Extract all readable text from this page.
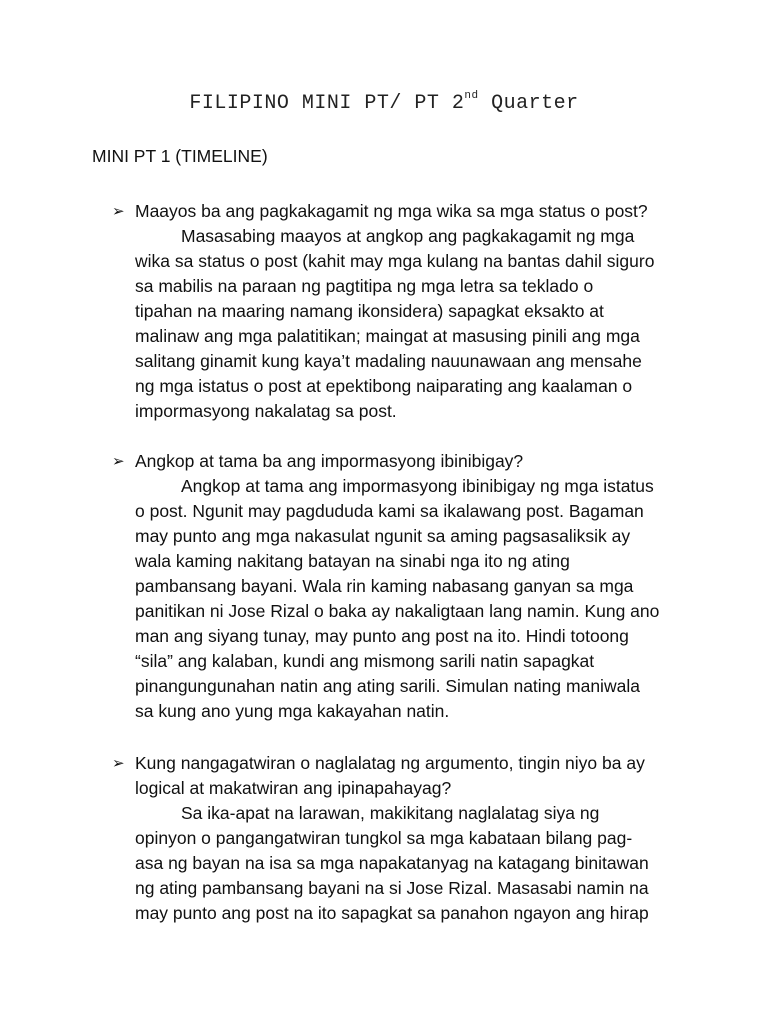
FILIPINO MINI PT/ PT 2nd Quarter
MINI PT 1 (TIMELINE)
➢ Maayos ba ang pagkakagamit ng mga wika sa mga status o post?
Masasabing maayos at angkop ang pagkakagamit ng mga
wika sa status o post (kahit may mga kulang na bantas dahil siguro
sa mabilis na paraan ng pagtitipa ng mga letra sa teklado o
tipahan na maaring namang ikonsidera) sapagkat eksakto at
malinaw ang mga palatitikan; maingat at masusing pinili ang mga
salitang ginamit kung kaya’t madaling nauunawaan ang mensahe
ng mga istatus o post at epektibong naiparating ang kaalaman o
impormasyong nakalatag sa post.
➢ Angkop at tama ba ang impormasyong ibinibigay?
Angkop at tama ang impormasyong ibinibigay ng mga istatus
o post. Ngunit may pagdududa kami sa ikalawang post. Bagaman
may punto ang mga nakasulat ngunit sa aming pagsasaliksik ay
wala kaming nakitang batayan na sinabi nga ito ng ating
pambansang bayani. Wala rin kaming nabasang ganyan sa mga
panitikan ni Jose Rizal o baka ay nakaligtaan lang namin. Kung ano
man ang siyang tunay, may punto ang post na ito. Hindi totoong
“sila” ang kalaban, kundi ang mismong sarili natin sapagkat
pinangungunahan natin ang ating sarili. Simulan nating maniwala
sa kung ano yung mga kakayahan natin.
➢ Kung nangagatwiran o naglalatag ng argumento, tingin niyo ba ay
logical at makatwiran ang ipinapahayag?
Sa ika-apat na larawan, makikitang naglalatag siya ng
opinyon o pangangatwiran tungkol sa mga kabataan bilang pag-
asa ng bayan na isa sa mga napakatanyag na katagang binitawan
ng ating pambansang bayani na si Jose Rizal. Masasabi namin na
may punto ang post na ito sapagkat sa panahon ngayon ang hirap
